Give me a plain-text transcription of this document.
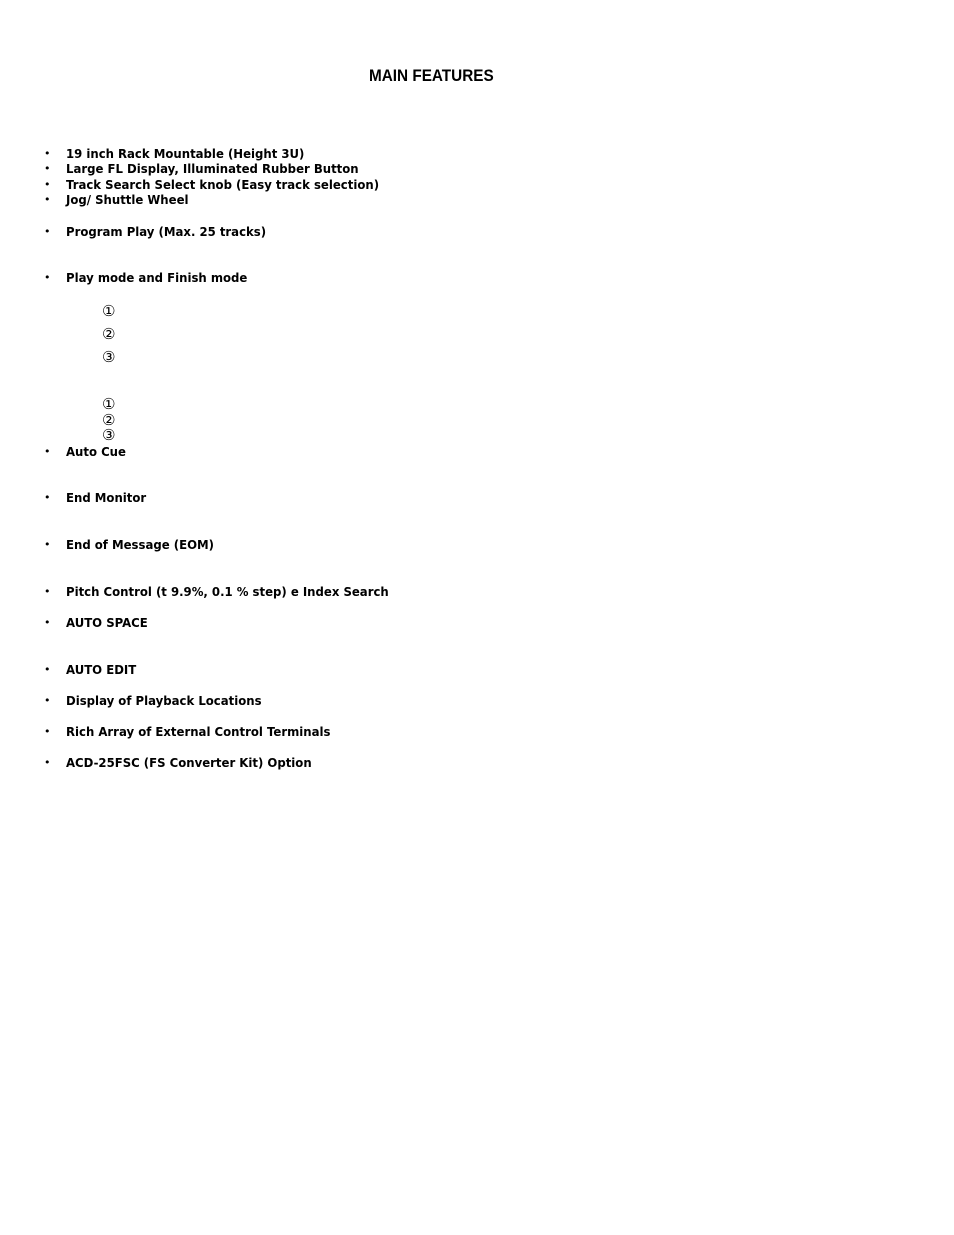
MAIN FEATURES
• 19 inch Rack Mountable (Height 3U)
• Large FL Display, Illuminated Rubber Button
• Track Search Select knob (Easy track selection)
• Jog/ Shuttle Wheel
• Program Play (Max. 25 tracks)
• Play mode and Finish mode
①
②
③
①
②
③
• Auto Cue
• End Monitor
• End of Message (EOM)
• Pitch Control (t 9.9%, 0.1 % step) e Index Search
• AUTO SPACE
• AUTO EDIT
• Display of Playback Locations
• Rich Array of External Control Terminals
• ACD-25FSC (FS Converter Kit) Option
